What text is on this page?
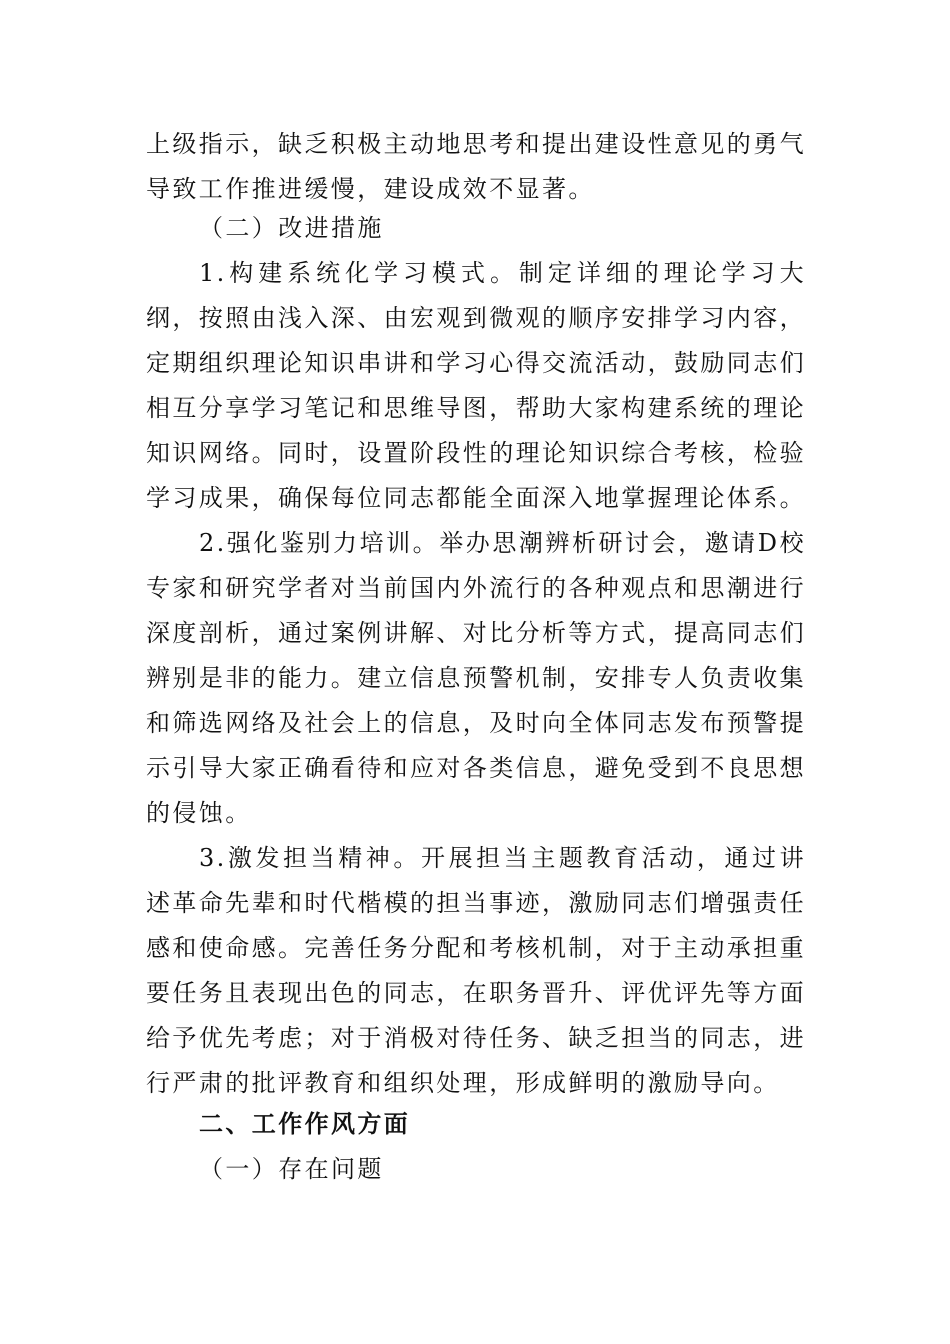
上级指示，缺乏积极主动地思考和提出建设性意见的勇气导致工作推进缓慢，建设成效不显著。

（二）改进措施

1.构建系统化学习模式。制定详细的理论学习大纲，按照由浅入深、由宏观到微观的顺序安排学习内容，定期组织理论知识串讲和学习心得交流活动，鼓励同志们相互分享学习笔记和思维导图，帮助大家构建系统的理论知识网络。同时，设置阶段性的理论知识综合考核，检验学习成果，确保每位同志都能全面深入地掌握理论体系。

2.强化鉴别力培训。举办思潮辨析研讨会，邀请D校专家和研究学者对当前国内外流行的各种观点和思潮进行深度剖析，通过案例讲解、对比分析等方式，提高同志们辨别是非的能力。建立信息预警机制，安排专人负责收集和筛选网络及社会上的信息，及时向全体同志发布预警提示引导大家正确看待和应对各类信息，避免受到不良思想的侵蚀。

3.激发担当精神。开展担当主题教育活动，通过讲述革命先辈和时代楷模的担当事迹，激励同志们增强责任感和使命感。完善任务分配和考核机制，对于主动承担重要任务且表现出色的同志，在职务晋升、评优评先等方面给予优先考虑；对于消极对待任务、缺乏担当的同志，进行严肃的批评教育和组织处理，形成鲜明的激励导向。

二、工作作风方面

（一）存在问题
